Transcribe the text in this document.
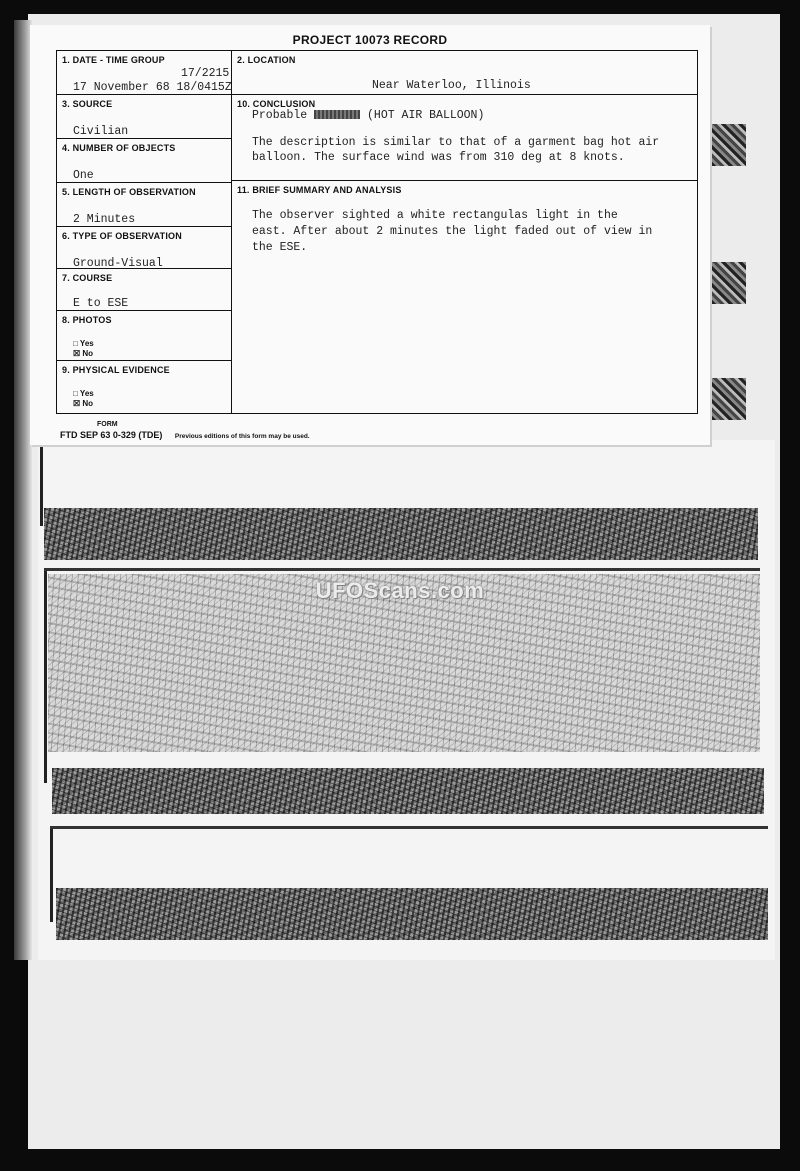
UFOScans.com
PROJECT 10073 RECORD
1. DATE - TIME GROUP
17/2215
17 November 68 18/0415Z
3. SOURCE
Civilian
4. NUMBER OF OBJECTS
One
5. LENGTH OF OBSERVATION
2 Minutes
6. TYPE OF OBSERVATION
Ground-Visual
7. COURSE
E to ESE
8. PHOTOS
□ Yes
☒ No
9. PHYSICAL EVIDENCE
□ Yes
☒ No
2. LOCATION
Near Waterloo, Illinois
10. CONCLUSION
Probable	(HOT AIR BALLOON)
The description is similar to that of a garment bag hot air
balloon. The surface wind was from 310 deg at 8 knots.
11. BRIEF SUMMARY AND ANALYSIS
The observer sighted a white rectangulas light in the
east. After about 2 minutes the light faded out of view in
the ESE.
FORM
FTD SEP 63 0-329 (TDE) Previous editions of this form may be used.
